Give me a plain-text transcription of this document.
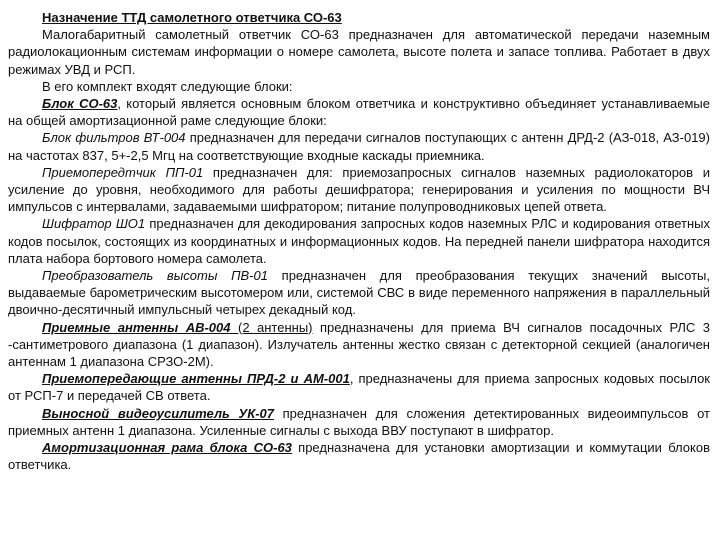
Назначение ТТД самолетного ответчика СО-63

Малогабаритный самолетный ответчик СО-63 предназначен для автоматической передачи наземным радиолокационным системам информации о номере самолета, высоте полета и запасе топлива. Работает в двух режимах УВД и РСП.

В его комплект входят следующие блоки:

Блок СО-63, который является основным блоком ответчика и конструктивно объединяет устанавливаемые на общей амортизационной раме следующие блоки:

Блок фильтров ВТ-004 предназначен для передачи сигналов поступающих с антенн ДРД-2 (АЗ-018, АЗ-019) на частотах 837, 5+-2,5 Мгц на соответствующие входные каскады приемника.

Приемопередтчик ПП-01 предназначен для: приемозапросных сигналов наземных радиолокаторов и усиление до уровня, необходимого для работы дешифратора; генерирования и усиления по мощности ВЧ импульсов с интервалами, задаваемыми шифратором; питание полупроводниковых цепей ответа.

Шифратор ШО1 предназначен для декодирования запросных кодов наземных РЛС и кодирования ответных кодов посылок, состоящих из координатных и информационных кодов. На передней панели шифратора находится плата набора бортового номера самолета.

Преобразователь высоты ПВ-01 предназначен для преобразования текущих значений высоты, выдаваемые барометрическим высотомером или, системой СВС в виде переменного напряжения в параллельный двоично-десятичный импульсный четырех декадный код.

Приемные антенны АВ-004 (2 антенны) предназначены для приема ВЧ сигналов посадочных РЛС 3 -сантиметрового диапазона (1 диапазон). Излучатель антенны жестко связан с детекторной секцией (аналогичен антеннам 1 диапазона СРЗО-2М).

Приемопередающие антенны ПРД-2 и АМ-001, предназначены для приема запросных кодовых посылок от РСП-7 и передачей СВ ответа.

Выносной видеоусилитель УК-07 предназначен для сложения детектированных видеоимпульсов от приемных антенн 1 диапазона. Усиленные сигналы с выхода ВВУ поступают в шифратор.

Амортизационная рама блока СО-63 предназначена для установки амортизации и коммутации блоков ответчика.
